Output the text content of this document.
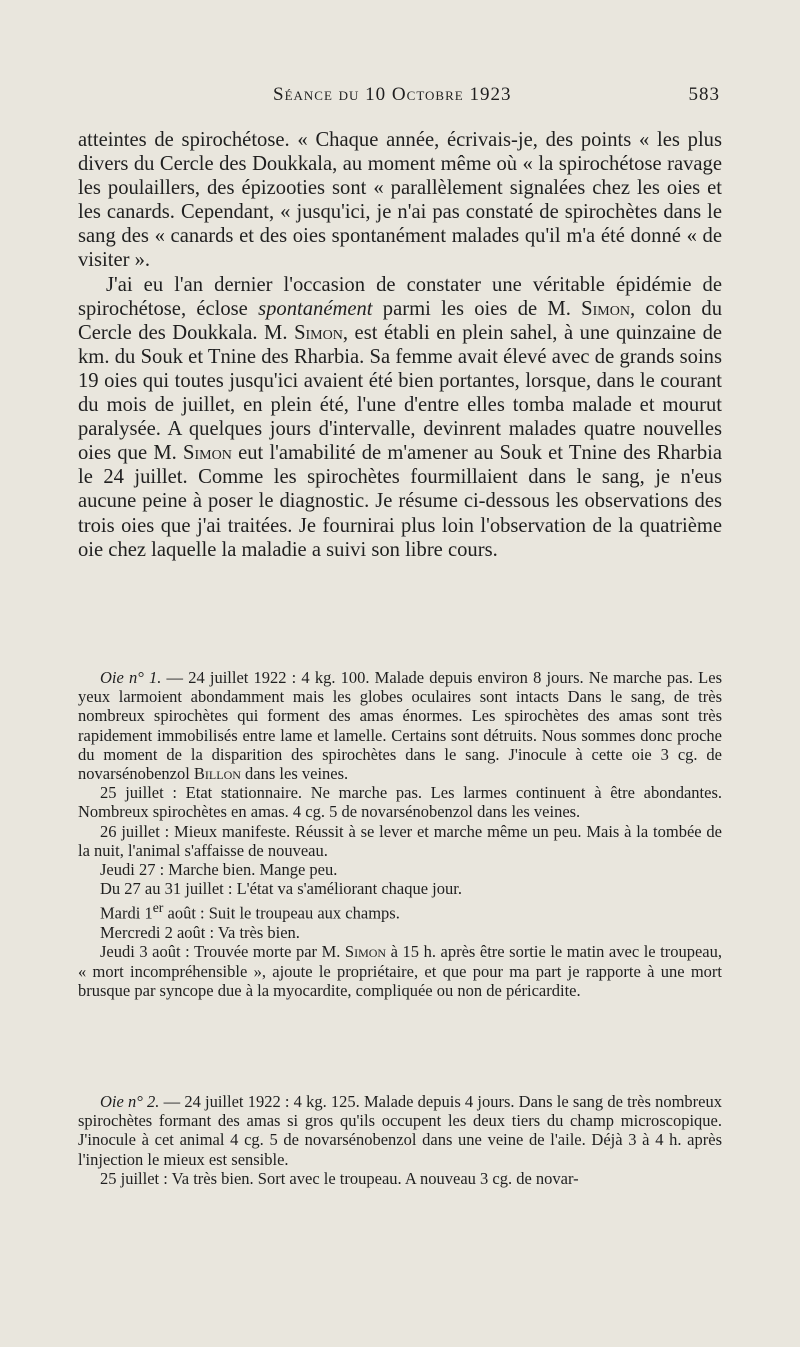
Séance du 10 Octobre 1923	583

atteintes de spirochétose. « Chaque année, écrivais-je, des points « les plus divers du Cercle des Doukkala, au moment même où « la spirochétose ravage les poulaillers, des épizooties sont « parallèlement signalées chez les oies et les canards. Cependant, « jusqu'ici, je n'ai pas constaté de spirochètes dans le sang des « canards et des oies spontanément malades qu'il m'a été donné « de visiter ».

J'ai eu l'an dernier l'occasion de constater une véritable épidémie de spirochétose, éclose spontanément parmi les oies de M. Simon, colon du Cercle des Doukkala. M. Simon, est établi en plein sahel, à une quinzaine de km. du Souk et Tnine des Rharbia. Sa femme avait élevé avec de grands soins 19 oies qui toutes jusqu'ici avaient été bien portantes, lorsque, dans le courant du mois de juillet, en plein été, l'une d'entre elles tomba malade et mourut paralysée. A quelques jours d'intervalle, devinrent malades quatre nouvelles oies que M. Simon eut l'amabilité de m'amener au Souk et Tnine des Rharbia le 24 juillet. Comme les spirochètes fourmillaient dans le sang, je n'eus aucune peine à poser le diagnostic. Je résume ci-dessous les observations des trois oies que j'ai traitées. Je fournirai plus loin l'observation de la quatrième oie chez laquelle la maladie a suivi son libre cours.

Oie n° 1. — 24 juillet 1922 : 4 kg. 100. Malade depuis environ 8 jours. Ne marche pas. Les yeux larmoient abondamment mais les globes oculaires sont intacts Dans le sang, de très nombreux spirochètes qui forment des amas énormes. Les spirochètes des amas sont très rapidement immobilisés entre lame et lamelle. Certains sont détruits. Nous sommes donc proche du moment de la disparition des spirochètes dans le sang. J'inocule à cette oie 3 cg. de novarsénobenzol Billon dans les veines.

25 juillet : Etat stationnaire. Ne marche pas. Les larmes continuent à être abondantes. Nombreux spirochètes en amas. 4 cg. 5 de novarsénobenzol dans les veines.

26 juillet : Mieux manifeste. Réussit à se lever et marche même un peu. Mais à la tombée de la nuit, l'animal s'affaisse de nouveau.

Jeudi 27 : Marche bien. Mange peu.

Du 27 au 31 juillet : L'état va s'améliorant chaque jour.

Mardi 1er août : Suit le troupeau aux champs.

Mercredi 2 août : Va très bien.

Jeudi 3 août : Trouvée morte par M. Simon à 15 h. après être sortie le matin avec le troupeau, « mort incompréhensible », ajoute le propriétaire, et que pour ma part je rapporte à une mort brusque par syncope due à la myocardite, compliquée ou non de péricardite.

Oie n° 2. — 24 juillet 1922 : 4 kg. 125. Malade depuis 4 jours. Dans le sang de très nombreux spirochètes formant des amas si gros qu'ils occupent les deux tiers du champ microscopique. J'inocule à cet animal 4 cg. 5 de novarsénobenzol dans une veine de l'aile. Déjà 3 à 4 h. après l'injection le mieux est sensible.

25 juillet : Va très bien. Sort avec le troupeau. A nouveau 3 cg. de novar-
